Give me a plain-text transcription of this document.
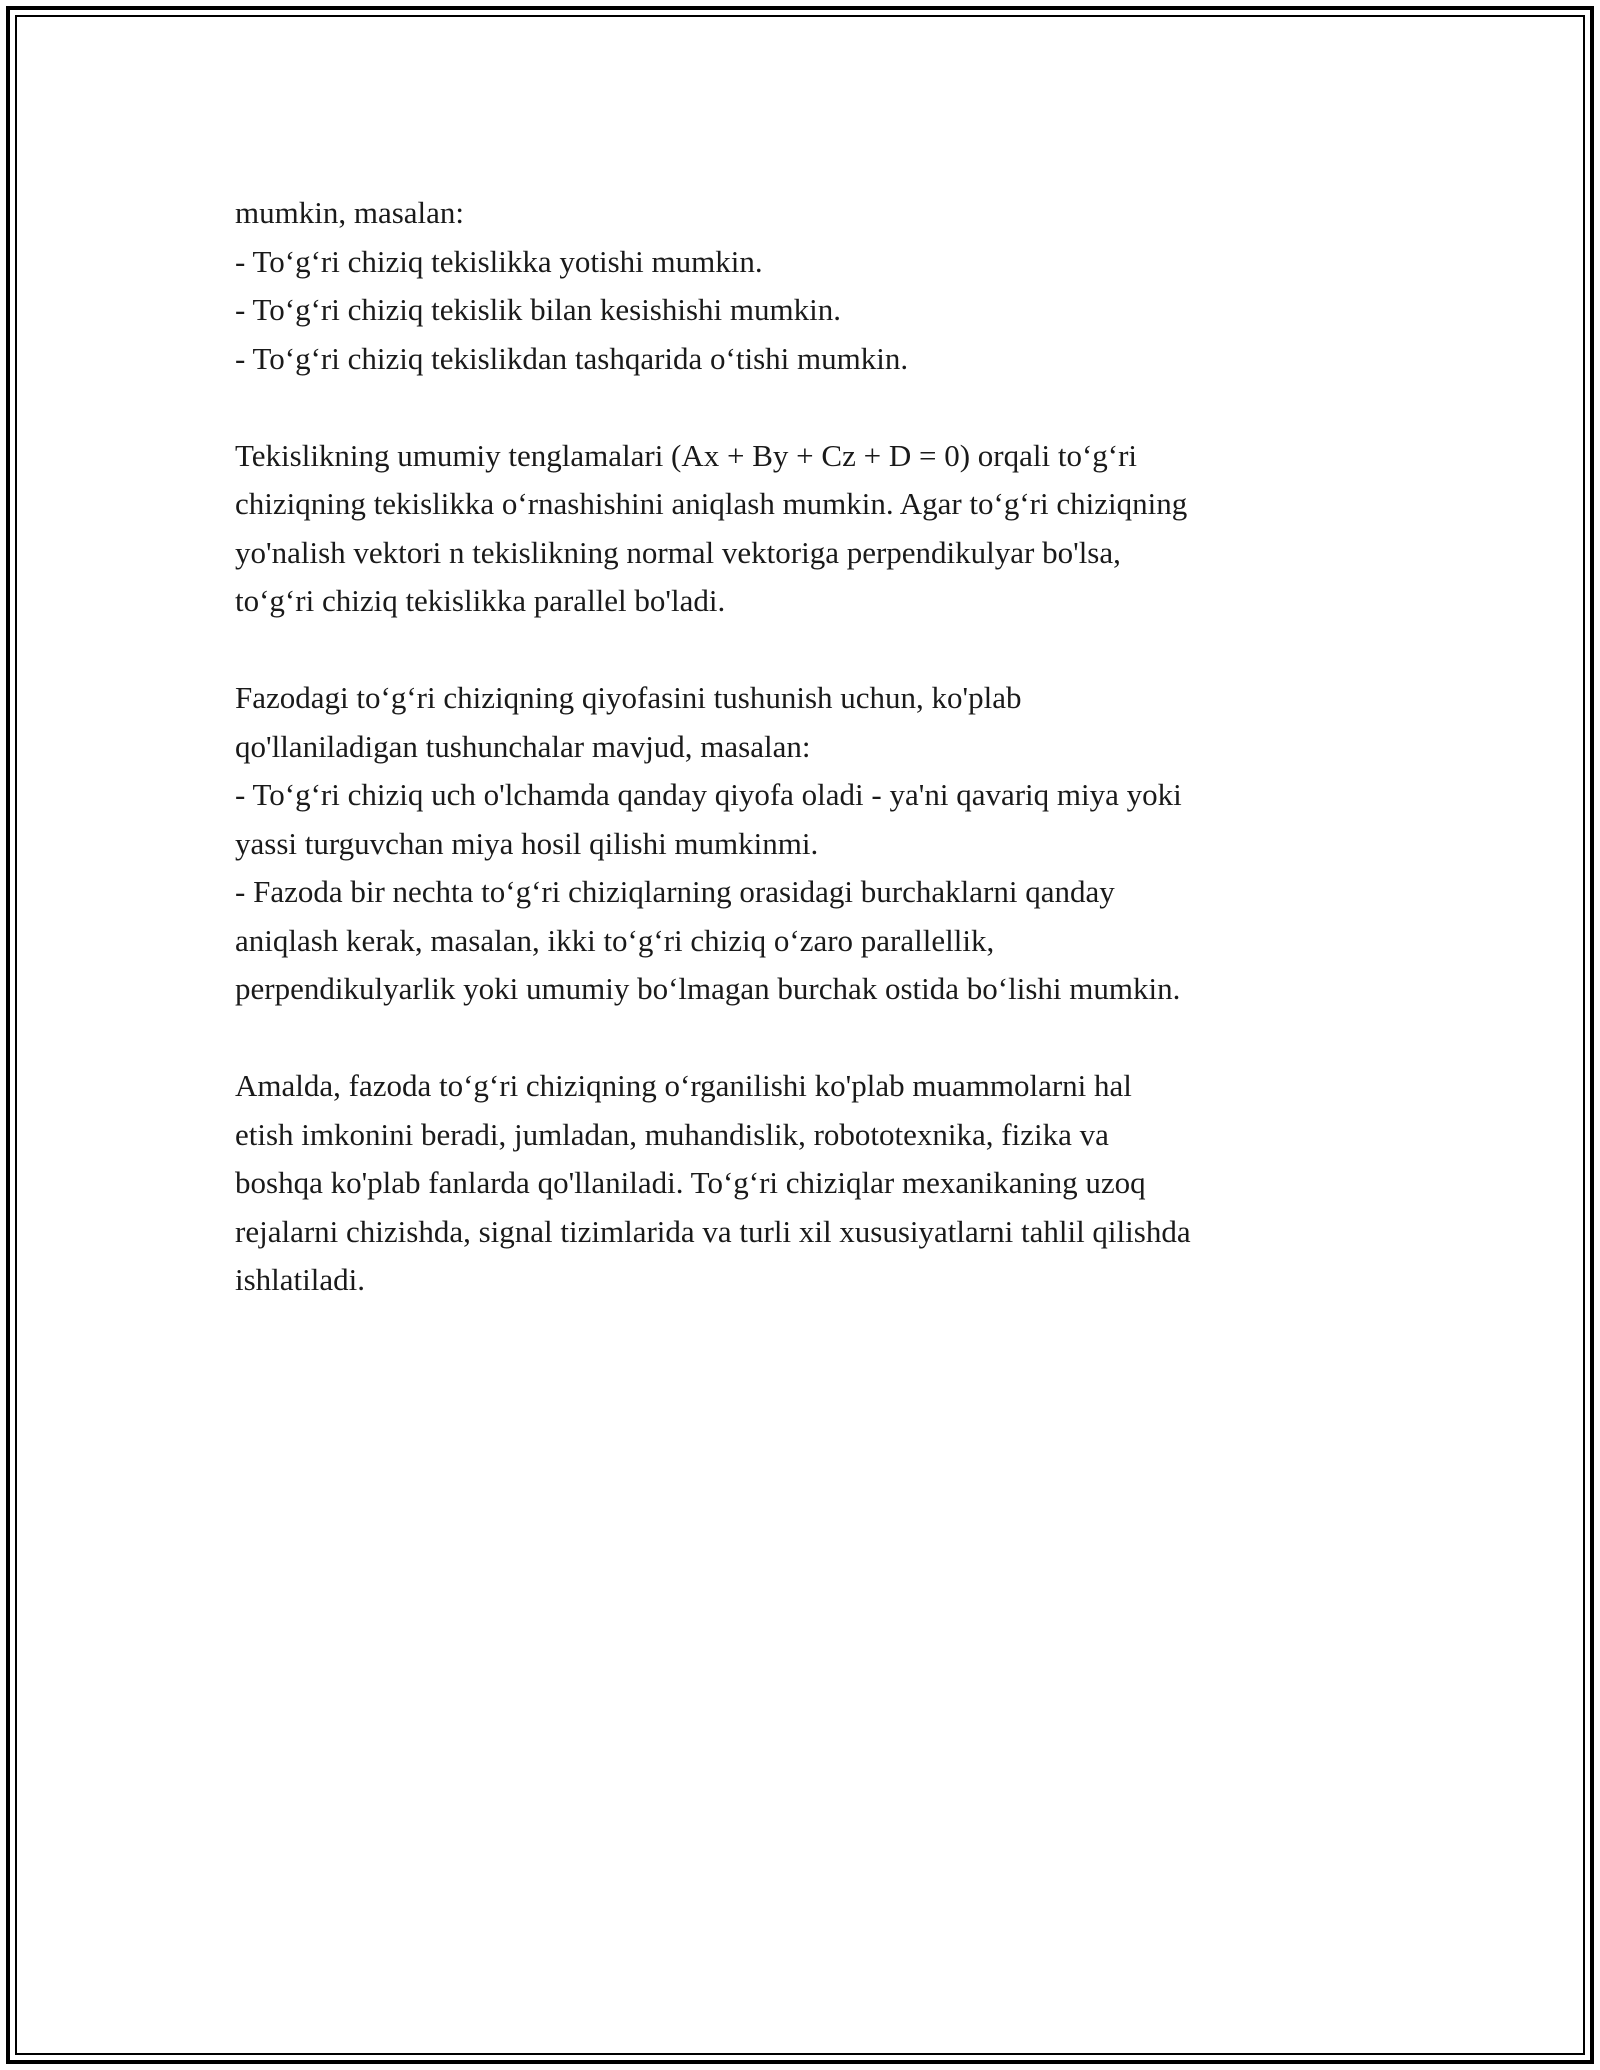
mumkin, masalan:
- To‘g‘ri chiziq tekislikka yotishi mumkin.
- To‘g‘ri chiziq tekislik bilan kesishishi mumkin.
- To‘g‘ri chiziq tekislikdan tashqarida o‘tishi mumkin.
Tekislikning umumiy tenglamalari (Ax + By + Cz + D = 0) orqali to‘g‘ri
chiziqning tekislikka o‘rnashishini aniqlash mumkin. Agar to‘g‘ri chiziqning
yo'nalish vektori n tekislikning normal vektoriga perpendikulyar bo'lsa,
to‘g‘ri chiziq tekislikka parallel bo'ladi.
Fazodagi to‘g‘ri chiziqning qiyofasini tushunish uchun, ko'plab
qo'llaniladigan tushunchalar mavjud, masalan:
- To‘g‘ri chiziq uch o'lchamda qanday qiyofa oladi - ya'ni qavariq miya yoki
yassi turguvchan miya hosil qilishi mumkinmi.
- Fazoda bir nechta to‘g‘ri chiziqlarning orasidagi burchaklarni qanday
aniqlash kerak, masalan, ikki to‘g‘ri chiziq o‘zaro parallellik,
perpendikulyarlik yoki umumiy bo‘lmagan burchak ostida bo‘lishi mumkin.
Amalda, fazoda to‘g‘ri chiziqning o‘rganilishi ko'plab muammolarni hal
etish imkonini beradi, jumladan, muhandislik, robototexnika, fizika va
boshqa ko'plab fanlarda qo'llaniladi. To‘g‘ri chiziqlar mexanikaning uzoq
rejalarni chizishda, signal tizimlarida va turli xil xususiyatlarni tahlil qilishda
ishlatiladi.
